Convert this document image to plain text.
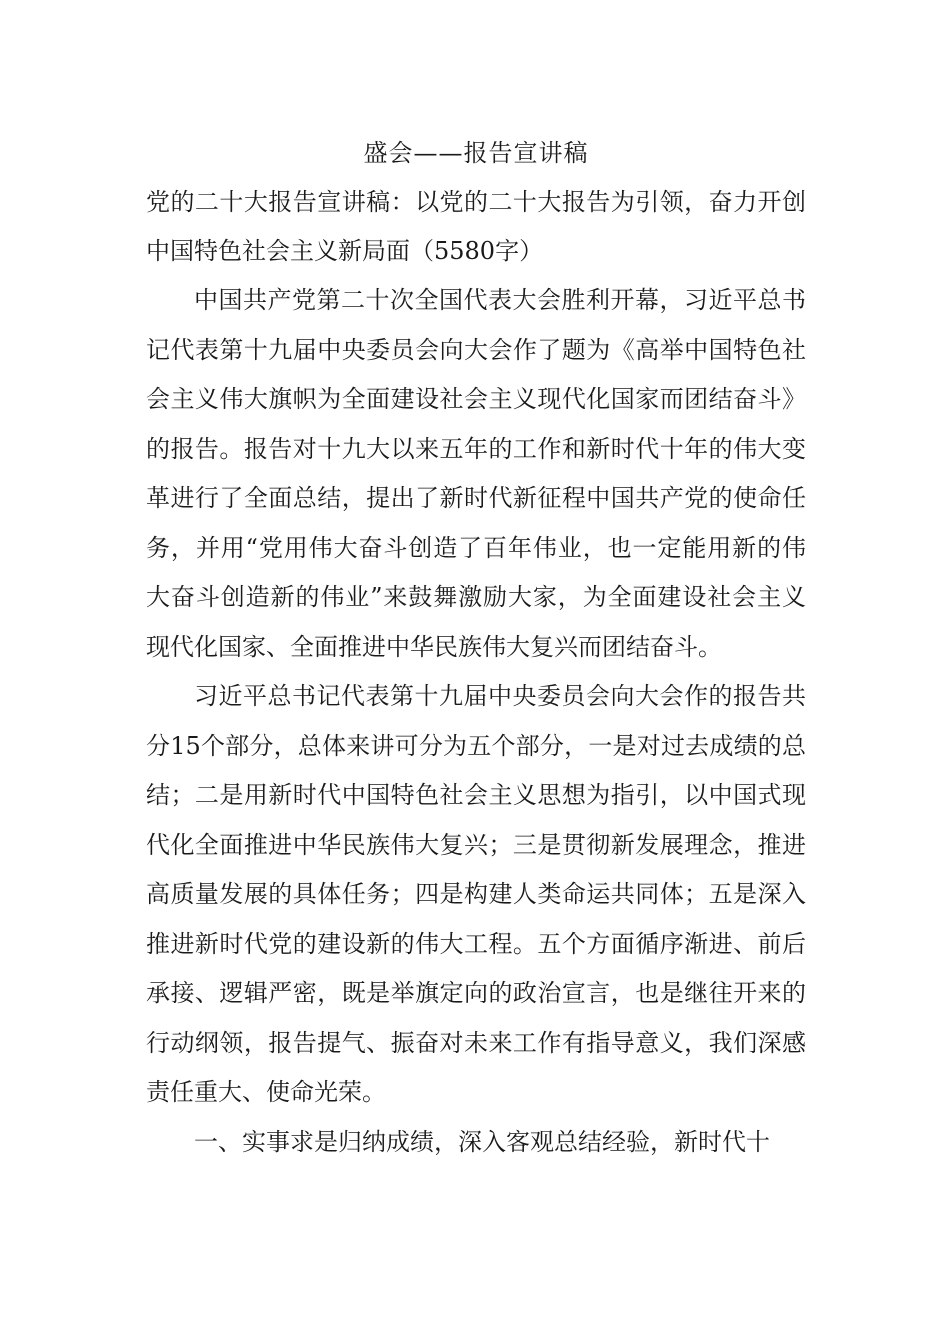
盛会——报告宣讲稿

党的二十大报告宣讲稿：以党的二十大报告为引领，奋力开创中国特色社会主义新局面（5580字）

中国共产党第二十次全国代表大会胜利开幕，习近平总书记代表第十九届中央委员会向大会作了题为《高举中国特色社会主义伟大旗帜为全面建设社会主义现代化国家而团结奋斗》的报告。报告对十九大以来五年的工作和新时代十年的伟大变革进行了全面总结，提出了新时代新征程中国共产党的使命任务，并用“党用伟大奋斗创造了百年伟业，也一定能用新的伟大奋斗创造新的伟业”来鼓舞激励大家，为全面建设社会主义现代化国家、全面推进中华民族伟大复兴而团结奋斗。

习近平总书记代表第十九届中央委员会向大会作的报告共分15个部分，总体来讲可分为五个部分，一是对过去成绩的总结；二是用新时代中国特色社会主义思想为指引，以中国式现代化全面推进中华民族伟大复兴；三是贯彻新发展理念，推进高质量发展的具体任务；四是构建人类命运共同体；五是深入推进新时代党的建设新的伟大工程。五个方面循序渐进、前后承接、逻辑严密，既是举旗定向的政治宣言，也是继往开来的行动纲领，报告提气、振奋对未来工作有指导意义，我们深感责任重大、使命光荣。

一、实事求是归纳成绩，深入客观总结经验，新时代十
